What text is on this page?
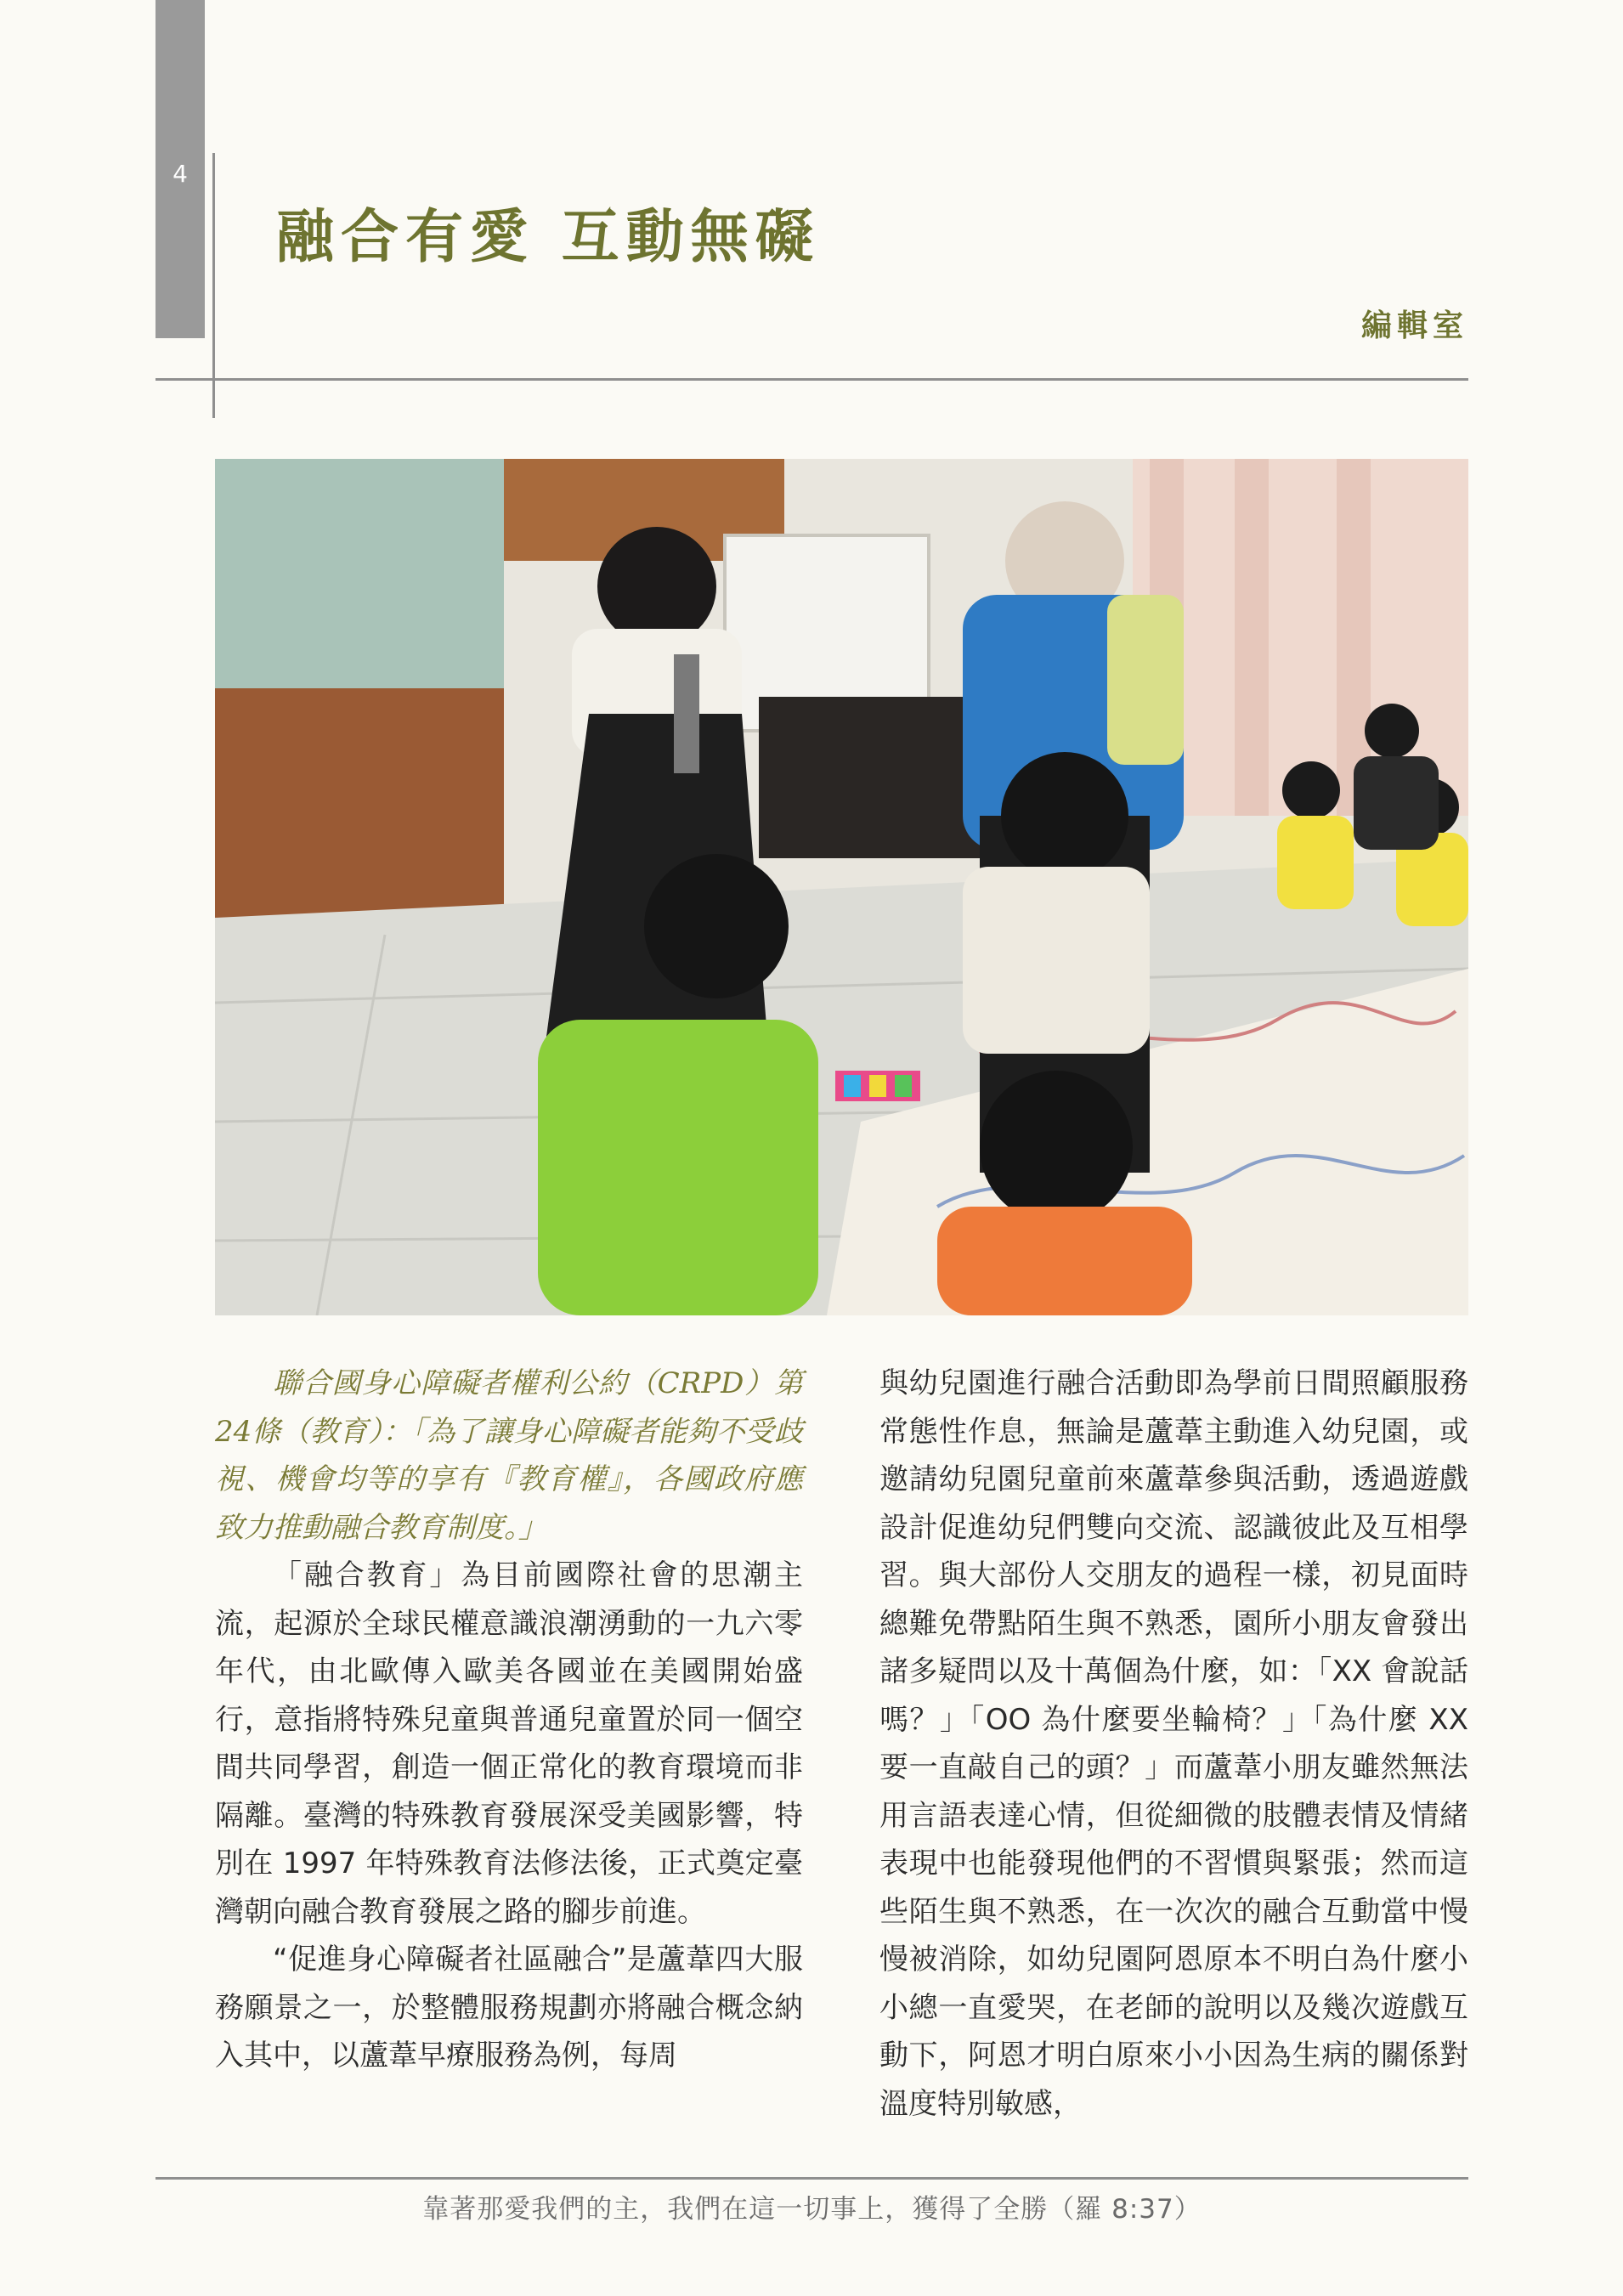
4
融合有愛 互動無礙
編輯室

聯合國身心障礙者權利公約（CRPD）第24條（教育）：「為了讓身心障礙者能夠不受歧視、機會均等的享有『教育權』，各國政府應致力推動融合教育制度。」

「融合教育」為目前國際社會的思潮主流，起源於全球民權意識浪潮湧動的一九六零年代，由北歐傳入歐美各國並在美國開始盛行，意指將特殊兒童與普通兒童置於同一個空間共同學習，創造一個正常化的教育環境而非隔離。臺灣的特殊教育發展深受美國影響，特別在 1997 年特殊教育法修法後，正式奠定臺灣朝向融合教育發展之路的腳步前進。

“促進身心障礙者社區融合”是蘆葦四大服務願景之一，於整體服務規劃亦將融合概念納入其中，以蘆葦早療服務為例，每周

與幼兒園進行融合活動即為學前日間照顧服務常態性作息，無論是蘆葦主動進入幼兒園，或邀請幼兒園兒童前來蘆葦參與活動，透過遊戲設計促進幼兒們雙向交流、認識彼此及互相學習。與大部份人交朋友的過程一樣，初見面時總難免帶點陌生與不熟悉，園所小朋友會發出諸多疑問以及十萬個為什麼，如：「XX 會說話嗎？」「OO 為什麼要坐輪椅？」「為什麼 XX 要一直敲自己的頭？」而蘆葦小朋友雖然無法用言語表達心情，但從細微的肢體表情及情緒表現中也能發現他們的不習慣與緊張；然而這些陌生與不熟悉，在一次次的融合互動當中慢慢被消除，如幼兒園阿恩原本不明白為什麼小小總一直愛哭，在老師的說明以及幾次遊戲互動下，阿恩才明白原來小小因為生病的關係對溫度特別敏感，

靠著那愛我們的主，我們在這一切事上，獲得了全勝（羅 8:37）
